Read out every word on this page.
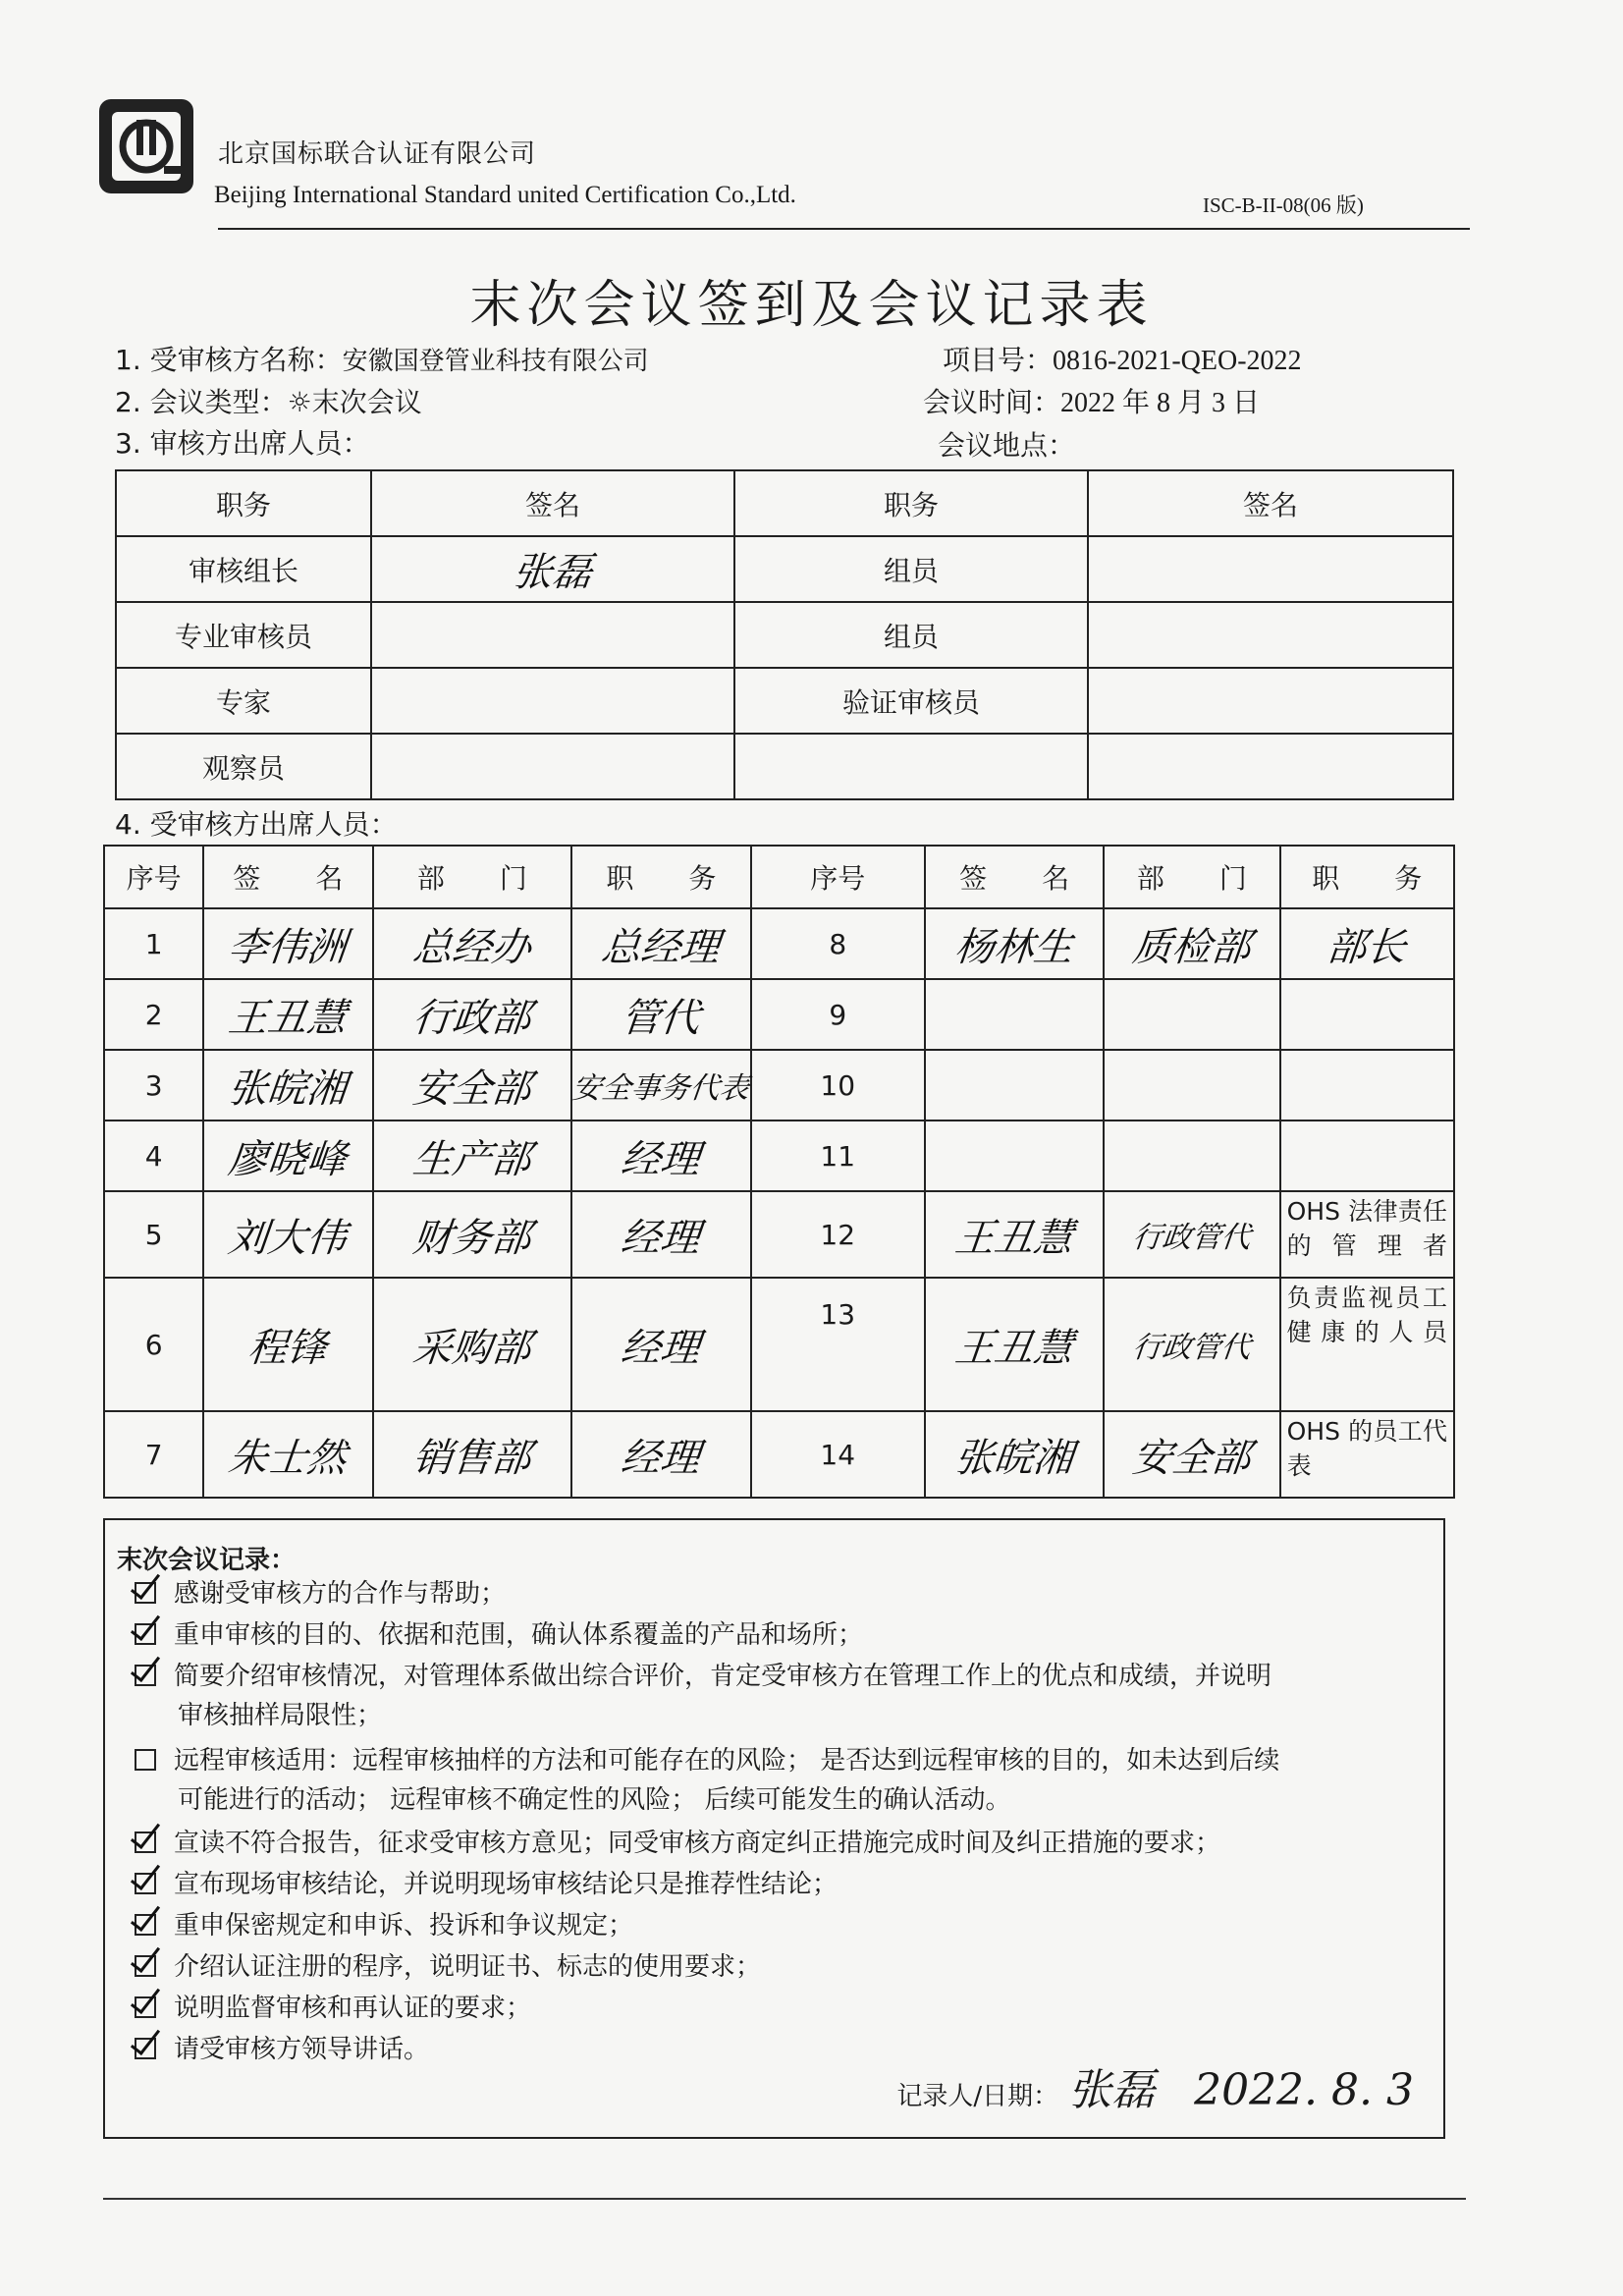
北京国标联合认证有限公司
Beijing International Standard united Certification Co.,Ltd.	ISC-B-II-08(06 版)
末次会议签到及会议记录表
1. 受审核方名称：安徽国登管业科技有限公司	项目号：0816-2021-QEO-2022
2. 会议类型：☼末次会议	会议时间：2022 年 8 月 3 日
3. 审核方出席人员：	会议地点：
职务	签名	职务	签名
审核组长	张磊	组员	
专业审核员		组员	
专家		验证审核员	
观察员			
4. 受审核方出席人员：
序号	签　　名	部　　门	职　　务	序号	签　　名	部　　门	职　　务
1	李伟洲	总经办	总经理	8	杨林生	质检部	部长
2	王丑慧	行政部	管代	9			
3	张皖湘	安全部	安全事务代表	10			
4	廖晓峰	生产部	经理	11			
5	刘大伟	财务部	经理	12	王丑慧	行政管代	OHS 法律责任的管理者
6	程锋	采购部	经理	13	王丑慧	行政管代	负责监视员工健康的人员
7	朱士然	销售部	经理	14	张皖湘	安全部	OHS 的员工代表
末次会议记录：
感谢受审核方的合作与帮助；
重申审核的目的、依据和范围，确认体系覆盖的产品和场所；
简要介绍审核情况，对管理体系做出综合评价，肯定受审核方在管理工作上的优点和成绩，并说明
审核抽样局限性；
远程审核适用：远程审核抽样的方法和可能存在的风险； 是否达到远程审核的目的，如未达到后续
可能进行的活动； 远程审核不确定性的风险； 后续可能发生的确认活动。
宣读不符合报告，征求受审核方意见；同受审核方商定纠正措施完成时间及纠正措施的要求；
宣布现场审核结论，并说明现场审核结论只是推荐性结论；
重申保密规定和申诉、投诉和争议规定；
介绍认证注册的程序，说明证书、标志的使用要求；
说明监督审核和再认证的要求；
请受审核方领导讲话。
记录人/日期： 张磊 2022. 8. 3
